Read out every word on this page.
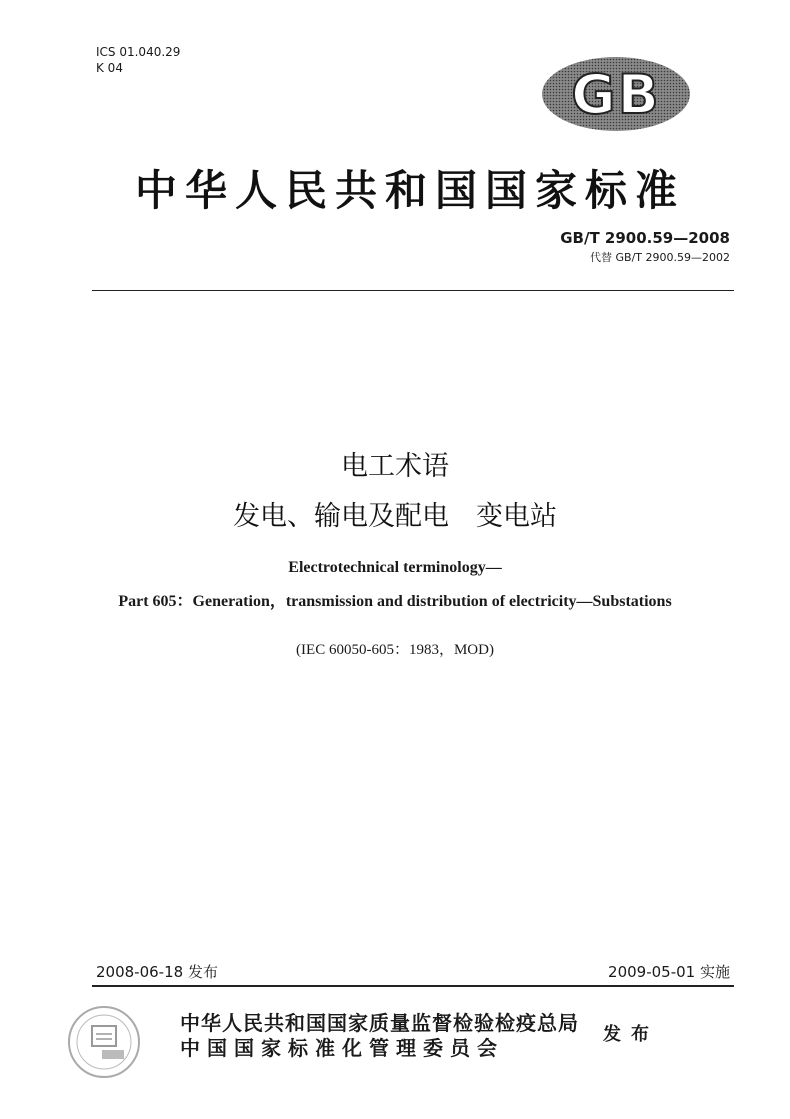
ICS 01.040.29
K 04	GB
中华人民共和国国家标准
GB/T 2900.59—2008
代替 GB/T 2900.59—2002
电工术语
发电、输电及配电　变电站
Electrotechnical terminology—
Part 605：Generation，transmission and distribution of electricity—Substations
(IEC 60050-605：1983，MOD)
2008-06-18 发布	2009-05-01 实施
中华人民共和国国家质量监督检验检疫总局
中国国家标准化管理委员会
发布
